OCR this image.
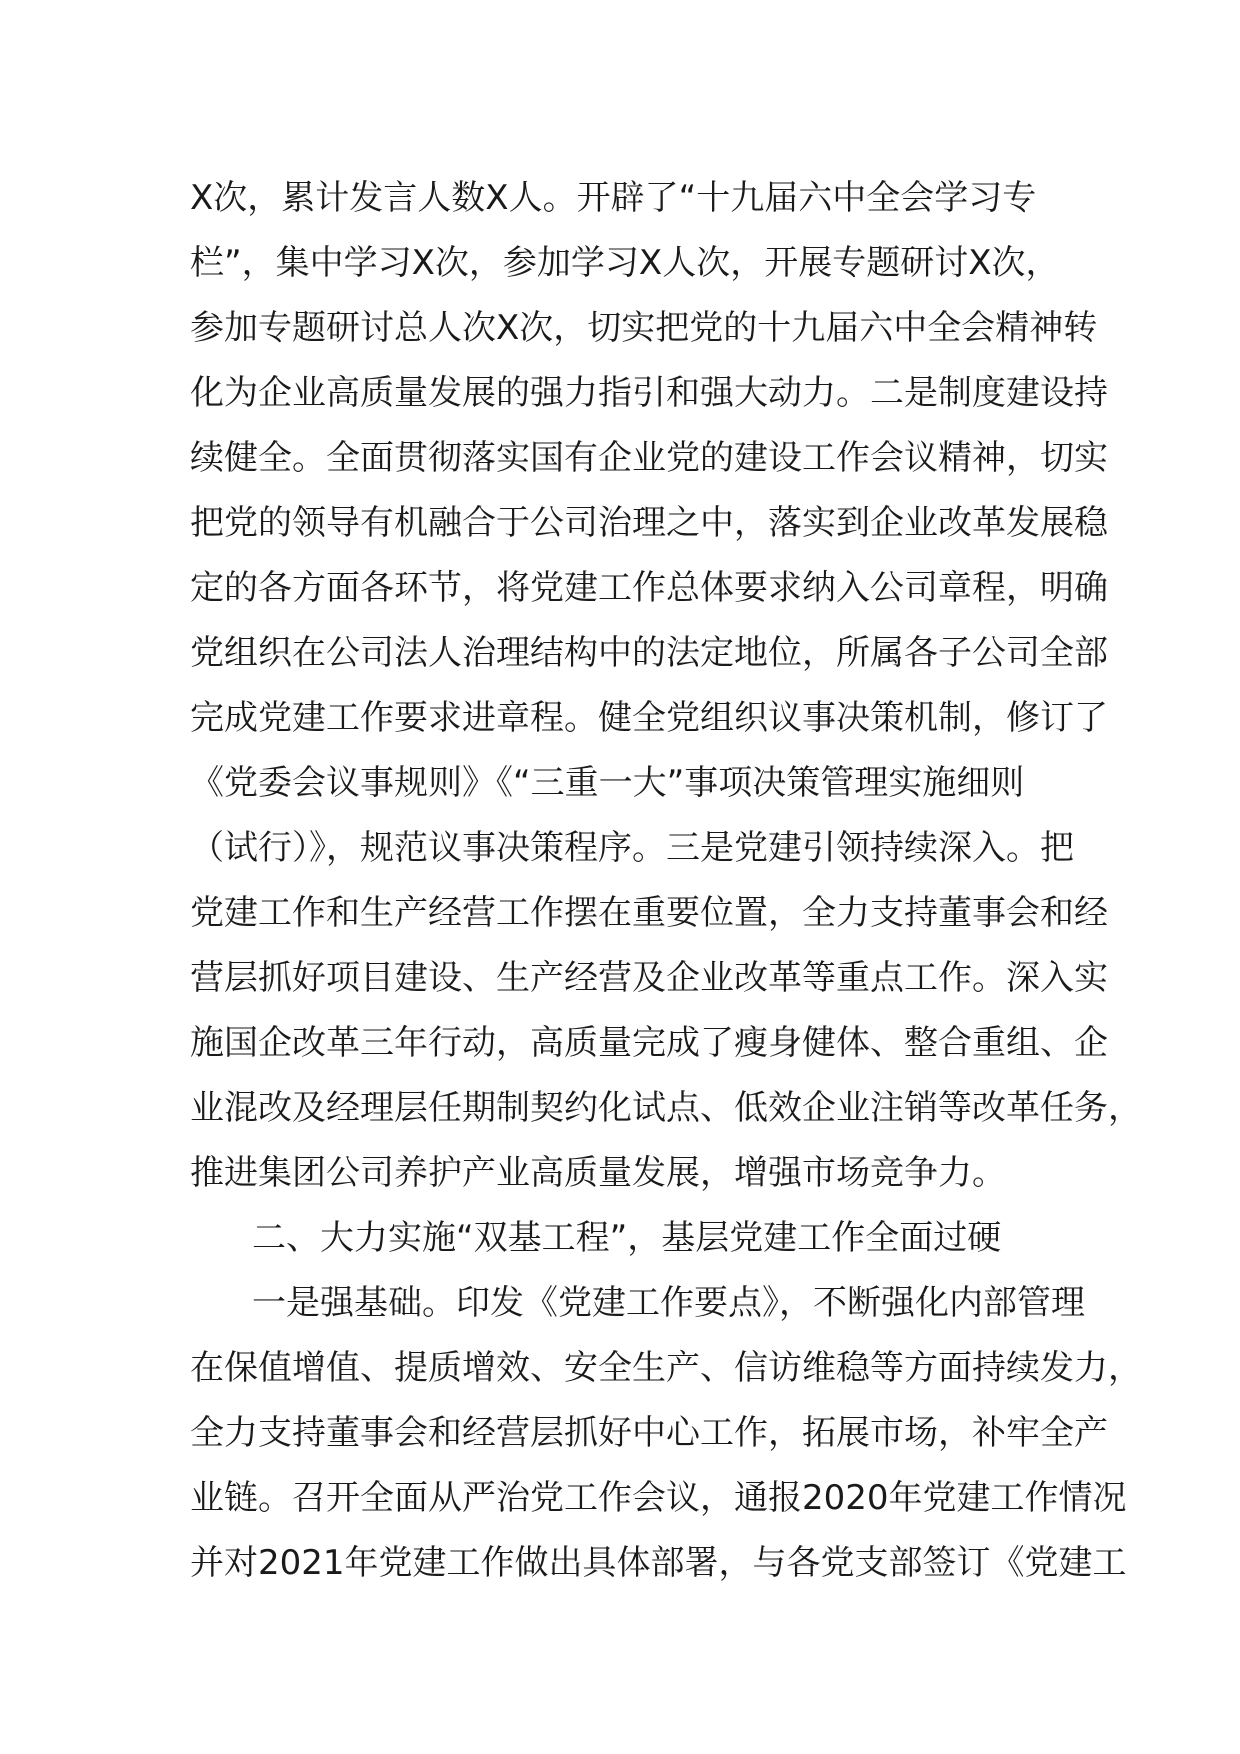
X次，累计发言人数X人。开辟了“十九届六中全会学习专
栏”，集中学习X次，参加学习X人次，开展专题研讨X次，
参加专题研讨总人次X次，切实把党的十九届六中全会精神转
化为企业高质量发展的强力指引和强大动力。二是制度建设持
续健全。全面贯彻落实国有企业党的建设工作会议精神，切实
把党的领导有机融合于公司治理之中，落实到企业改革发展稳
定的各方面各环节，将党建工作总体要求纳入公司章程，明确
党组织在公司法人治理结构中的法定地位，所属各子公司全部
完成党建工作要求进章程。健全党组织议事决策机制，修订了
《党委会议事规则》《“三重一大”事项决策管理实施细则
（试行）》，规范议事决策程序。三是党建引领持续深入。把
党建工作和生产经营工作摆在重要位置，全力支持董事会和经
营层抓好项目建设、生产经营及企业改革等重点工作。深入实
施国企改革三年行动，高质量完成了瘦身健体、整合重组、企
业混改及经理层任期制契约化试点、低效企业注销等改革任务，
推进集团公司养护产业高质量发展，增强市场竞争力。
二、大力实施“双基工程”，基层党建工作全面过硬
一是强基础。印发《党建工作要点》，不断强化内部管理
在保值增值、提质增效、安全生产、信访维稳等方面持续发力，
全力支持董事会和经营层抓好中心工作，拓展市场，补牢全产
业链。召开全面从严治党工作会议，通报2020年党建工作情况
并对2021年党建工作做出具体部署，与各党支部签订《党建工
